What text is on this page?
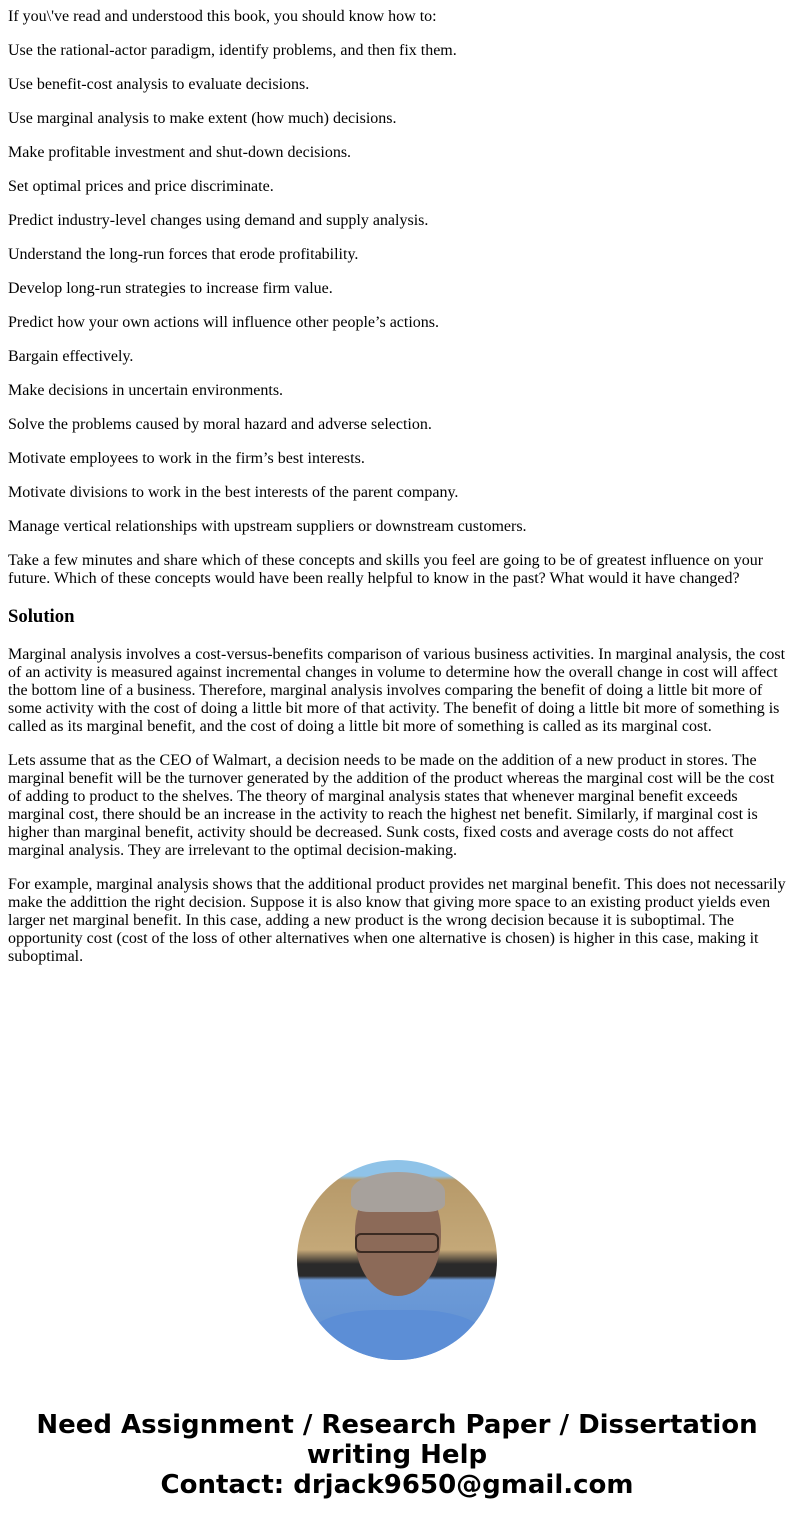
If you\'ve read and understood this book, you should know how to:

Use the rational-actor paradigm, identify problems, and then fix them.

Use benefit-cost analysis to evaluate decisions.

Use marginal analysis to make extent (how much) decisions.

Make profitable investment and shut-down decisions.

Set optimal prices and price discriminate.

Predict industry-level changes using demand and supply analysis.

Understand the long-run forces that erode profitability.

Develop long-run strategies to increase firm value.

Predict how your own actions will influence other people’s actions.

Bargain effectively.

Make decisions in uncertain environments.

Solve the problems caused by moral hazard and adverse selection.

Motivate employees to work in the firm’s best interests.

Motivate divisions to work in the best interests of the parent company.

Manage vertical relationships with upstream suppliers or downstream customers.

Take a few minutes and share which of these concepts and skills you feel are going to be of greatest influence on your future. Which of these concepts would have been really helpful to know in the past? What would it have changed?

Solution

Marginal analysis involves a cost-versus-benefits comparison of various business activities. In marginal analysis, the cost of an activity is measured against incremental changes in volume to determine how the overall change in cost will affect the bottom line of a business. Therefore, marginal analysis involves comparing the benefit of doing a little bit more of some activity with the cost of doing a little bit more of that activity. The benefit of doing a little bit more of something is called as its marginal benefit, and the cost of doing a little bit more of something is called as its marginal cost.

Lets assume that as the CEO of Walmart, a decision needs to be made on the addition of a new product in stores. The marginal benefit will be the turnover generated by the addition of the product whereas the marginal cost will be the cost of adding to product to the shelves. The theory of marginal analysis states that whenever marginal benefit exceeds marginal cost, there should be an increase in the activity to reach the highest net benefit. Similarly, if marginal cost is higher than marginal benefit, activity should be decreased. Sunk costs, fixed costs and average costs do not affect marginal analysis. They are irrelevant to the optimal decision-making.

For example, marginal analysis shows that the additional product provides net marginal benefit. This does not necessarily make the addittion the right decision. Suppose it is also know that giving more space to an existing product yields even larger net marginal benefit. In this case, adding a new product is the wrong decision because it is suboptimal. The opportunity cost (cost of the loss of other alternatives when one alternative is chosen) is higher in this case, making it suboptimal.

Need Assignment / Research Paper / Dissertation writing Help
Contact: drjack9650@gmail.com
